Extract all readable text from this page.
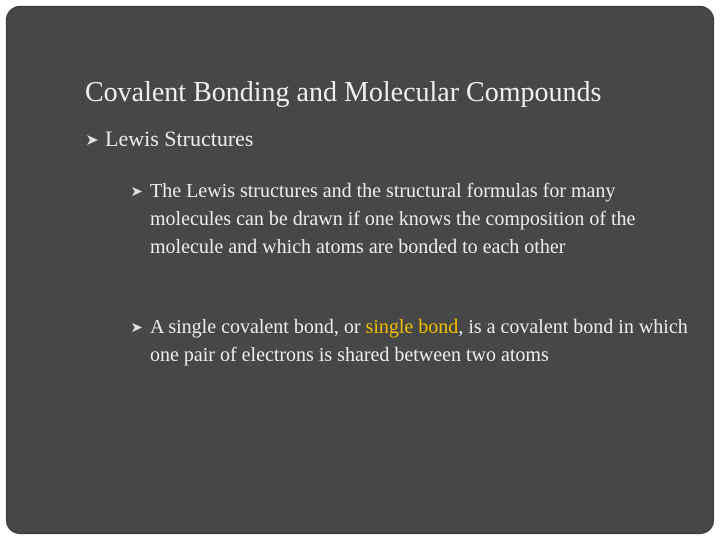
Covalent Bonding and Molecular Compounds
Lewis Structures
The Lewis structures and the structural formulas for many molecules can be drawn if one knows the composition of the molecule and which atoms are bonded to each other
A single covalent bond, or single bond, is a covalent bond in which one pair of electrons is shared between two atoms
